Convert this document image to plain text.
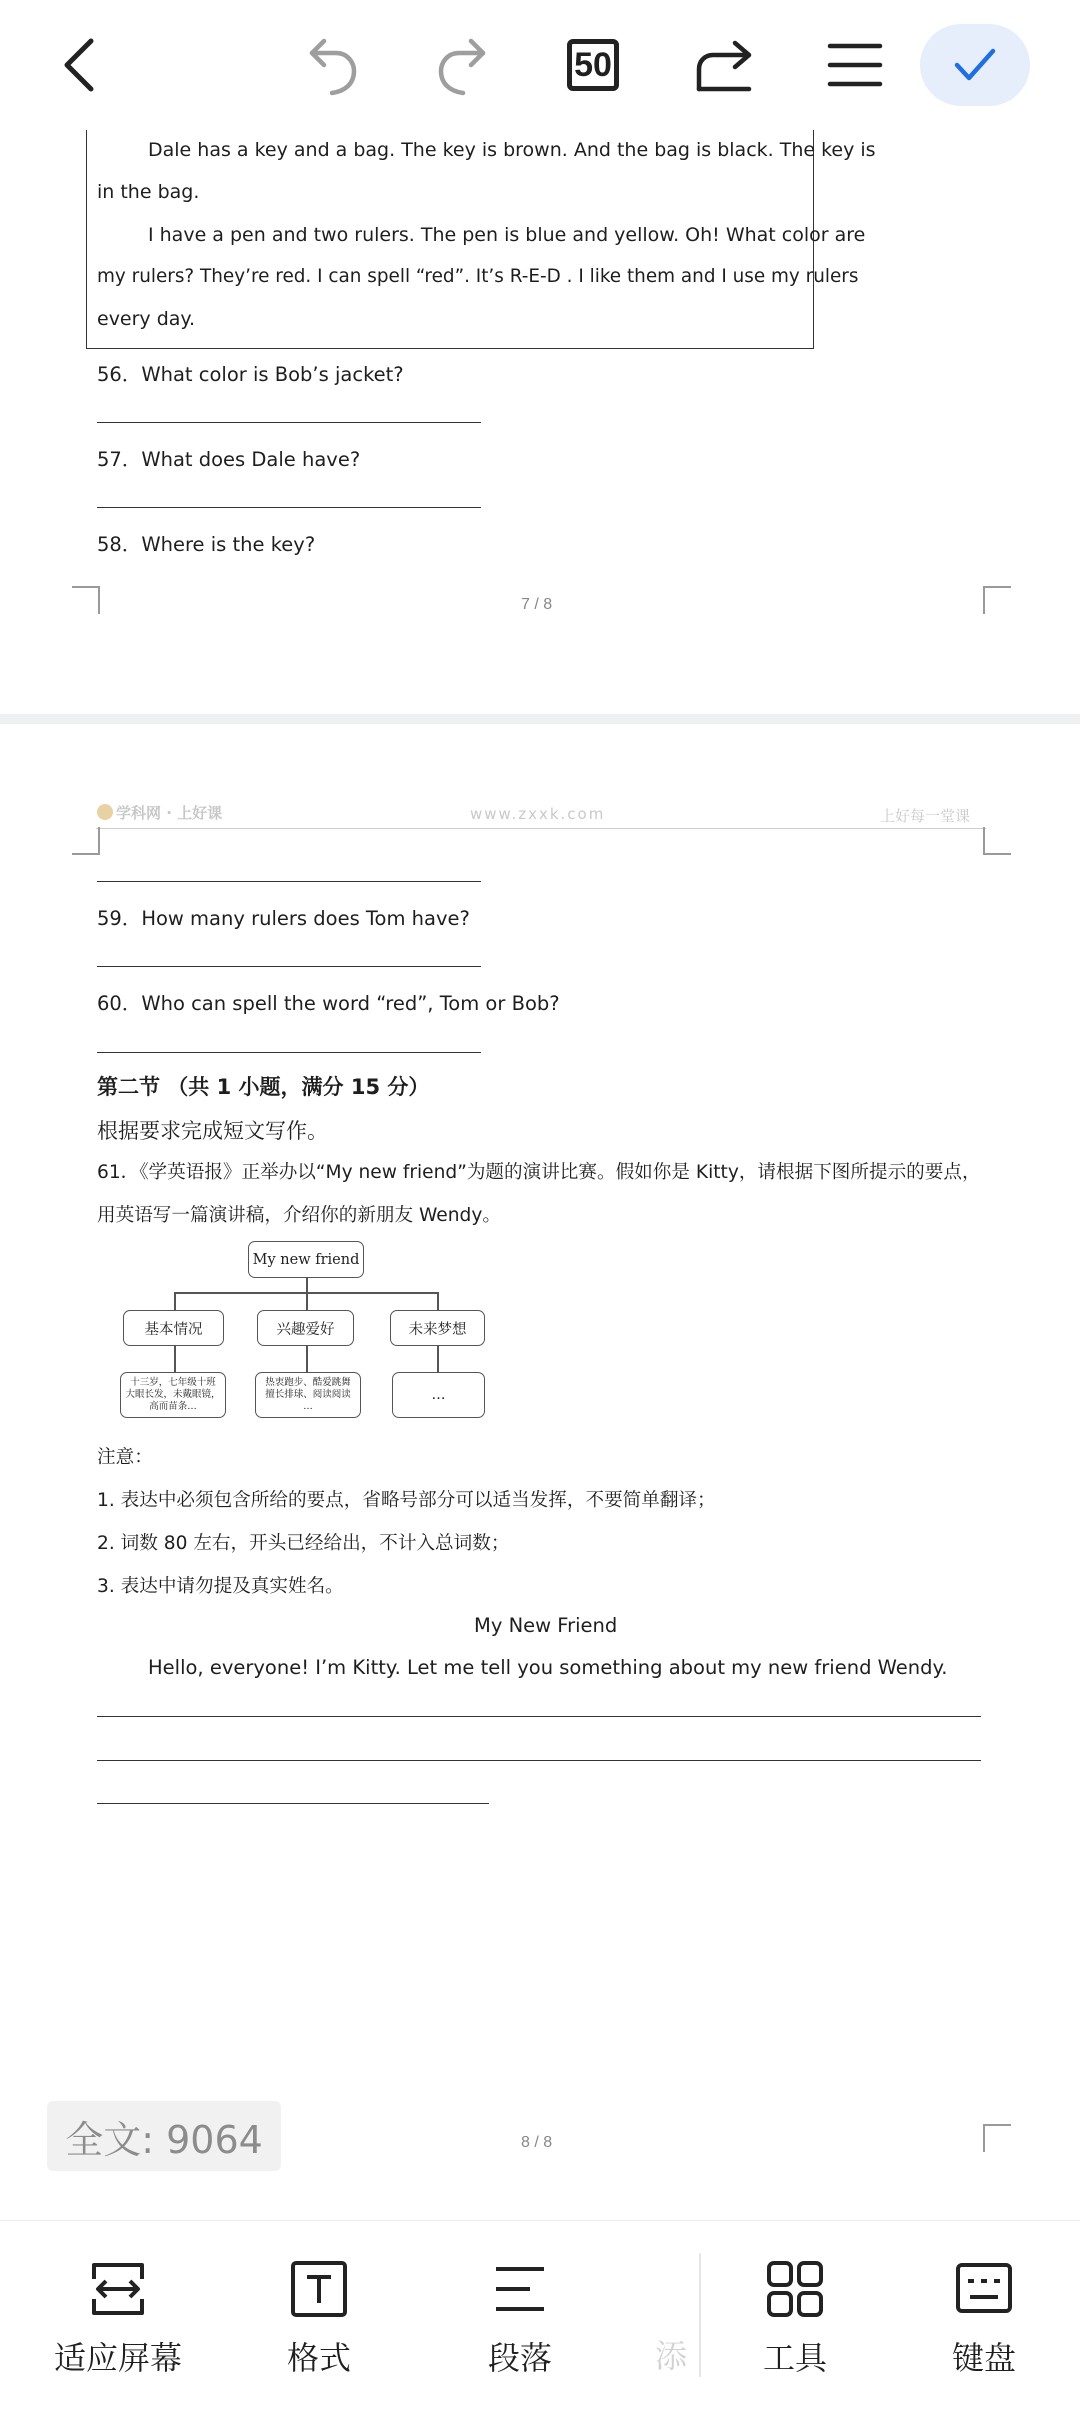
50
Dale has a key and a bag. The key is brown. And the bag is black. The key is
in the bag.
I have a pen and two rulers. The pen is blue and yellow. Oh! What color are
my rulers? They’re red. I can spell “red”. It’s R-E-D . I like them and I use my rulers
every day.
56．What color is Bob’s jacket?
57．What does Dale have?
58．Where is the key?
7 / 8
学科网 · 上好课	www.zxxk.com	上好每一堂课
59．How many rulers does Tom have?
60．Who can spell the word “red”, Tom or Bob?
第二节 （共 1 小题，满分 15 分）
根据要求完成短文写作。
61．《学英语报》正举办以“My new friend”为题的演讲比赛。假如你是 Kitty，请根据下图所提示的要点，
用英语写一篇演讲稿，介绍你的新朋友 Wendy。
My new friend
基本情况	兴趣爱好	未来梦想
十三岁，七年级十班
大眼长发，未戴眼镜，
高而苗条…
热衷跑步、酷爱跳舞
擅长排球、阅读阅读
…
…
注意：
1. 表达中必须包含所给的要点，省略号部分可以适当发挥，不要简单翻译；
2. 词数 80 左右，开头已经给出，不计入总词数；
3. 表达中请勿提及真实姓名。
My New Friend
Hello, everyone! I’m Kitty. Let me tell you something about my new friend Wendy.
全文: 9064	8 / 8
适应屏幕	格式	段落	添 工具	键盘
